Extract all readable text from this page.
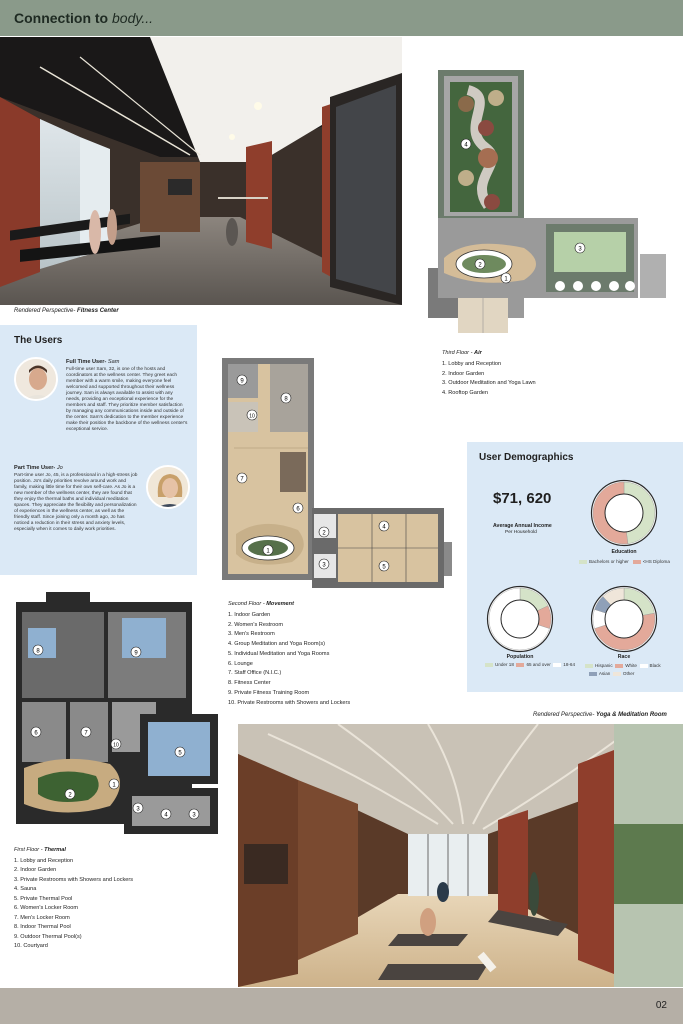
Connection to body...
Rendered Perspective- Fitness Center
4
2
1
3
Third Floor - Air
1. Lobby and Reception
2. Indoor Garden
3. Outdoor Meditation and Yoga Lawn
4. Rooftop Garden
The Users
Full Time User- Sam
Full-time user Sam, 32, is one of the hosts and coordinators at the wellness center. They greet each member with a warm smile, making everyone feel welcomed and supported throughout their wellness journey. Sam is always available to assist with any needs, providing an exceptional experience for the members and staff. They prioritize member satisfaction by managing any communications inside and outside of the center. Sam's dedication to the member experience make their position the backbone of the wellness center's exceptional service.
Part Time User- Jo
Part-time user Jo, 45, is a professional in a high-stress job position. Jo's daily priorities revolve around work and family, making little time for their own self-care. As Jo is a new member of the wellness center, they are found that they enjoy the thermal baths and individual meditation spaces. They appreciate the flexibility and personalization of experiences in the wellness center, as well as the friendly staff. Since joining only a month ago, Jo has noticed a reduction in their stress and anxiety levels, especially when it comes to daily work priorities.
9
10
8
7
6
1
2
3
4
5
Second Floor - Movement
1. Indoor Garden
2. Women's Restroom
3. Men's Restroom
4. Group Meditation and Yoga Room(s)
5. Individual Meditation and Yoga Rooms
6. Lounge
7. Staff Office (N.I.C.)
8. Fitness Center
9. Private Fitness Training Room
10. Private Restrooms with Showers and Lockers
User Demographics
$71, 620
Average Annual Income
Per Household
Education
Bachelors or higher	<HS Diploma
Population
Under 18	65 and over	18-64
Race
Hispanic	White	Black
Asian	Other
8	9
6	7
10
5
2
1
3
4	3
First Floor - Thermal
1. Lobby and Reception
2. Indoor Garden
3. Private Restrooms with Showers and Lockers
4. Sauna
5. Private Thermal Pool
6. Women's Locker Room
7. Men's Locker Room
8. Indoor Thermal Pool
9. Outdoor Thermal Pool(s)
10. Courtyard
Rendered Perspective- Yoga & Meditation Room
02
